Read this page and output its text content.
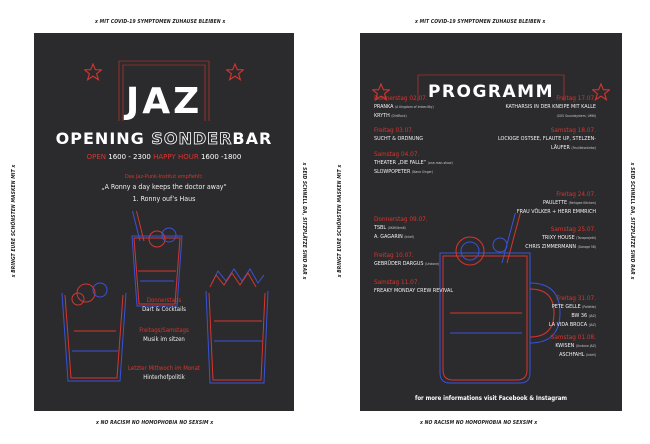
x MIT COVID-19 SYMPTOMEN ZUHAUSE BLEIBEN x	x MIT COVID-19 SYMPTOMEN ZUHAUSE BLEIBEN x
x NO RACISM NO HOMOPHOBIA NO SEXSIM x	x NO RACISM NO HOMOPHOBIA NO SEXSIM x
x BRINGT EURE SCHÖNSTEN MASKEN MIT x	x SEID SCHNELL DA, SITZPLÄTZE SIND RAR x	x BRINGT EURE SCHÖNSTEN MASKEN MIT x	x SEID SCHNELL DA, SITZPLÄTZE SIND RAR x
JAZ
OPENING SONDERBAR
OPEN 1600 - 2300 HAPPY HOUR 1600 -1800
Das Jaz-Punk-Institut empfiehlt:
„A Ronny a day keeps the doctor away“
1. Ronny ouf’s Haus
Donnerstags
Dart & Cocktails
Freitags/Samstags
Musik im sitzen
Letzter Mittwoch im Monat
Hinterhofpolitik
PROGRAMM
Donnerstag 02.07.
PRANKA (A Kingdom of Imbecility)
KRYTH (DirtRock)
Freitag 03.07.
SUCHT & ORDNUNG
Samstag 04.07.
THEATER „DIE FALLE“ (one-man-show)
SLOWPOPETER (Nana Singer)
Donnerstag 09.07.
TSBL (UKW/Ikm8)
A. GAGARIN (Intell)
Freitag 10.07.
GEBRÜDER DARGUS (Undone)
Samstag 11.07.
FREAKY MONDAY CREW REVIVAL
Freitag 17.07.
KATHARSIS IN DER KNEIPE MIT KALLE
(SOS Soundsystem, UMN)
Samstag 18.07.
LOCKIGE OSTSEE, FLAUTE UP, STELZEN-
LÄUFER (Feuilletonliebe)
Freitag 24.07.
PAULETTE (Refugee Kitchen)
FRAU VÖLKER + HERR EMMRICH
Samstag 25.07.
TRIXY HOUSE (Tanzprojekt)
CHRIS ZIMMERMANN (Garage 58)
Freitag 31.07.
PETE GELLE (Pallette)
BW 36 (JAZ)
LA VIDA BROCA (JAZ)
Samstag 01.08.
KWISEN (Undone JAZ)
ASCHFAHL (Intell)
for more informations visit Facebook & Instagram
